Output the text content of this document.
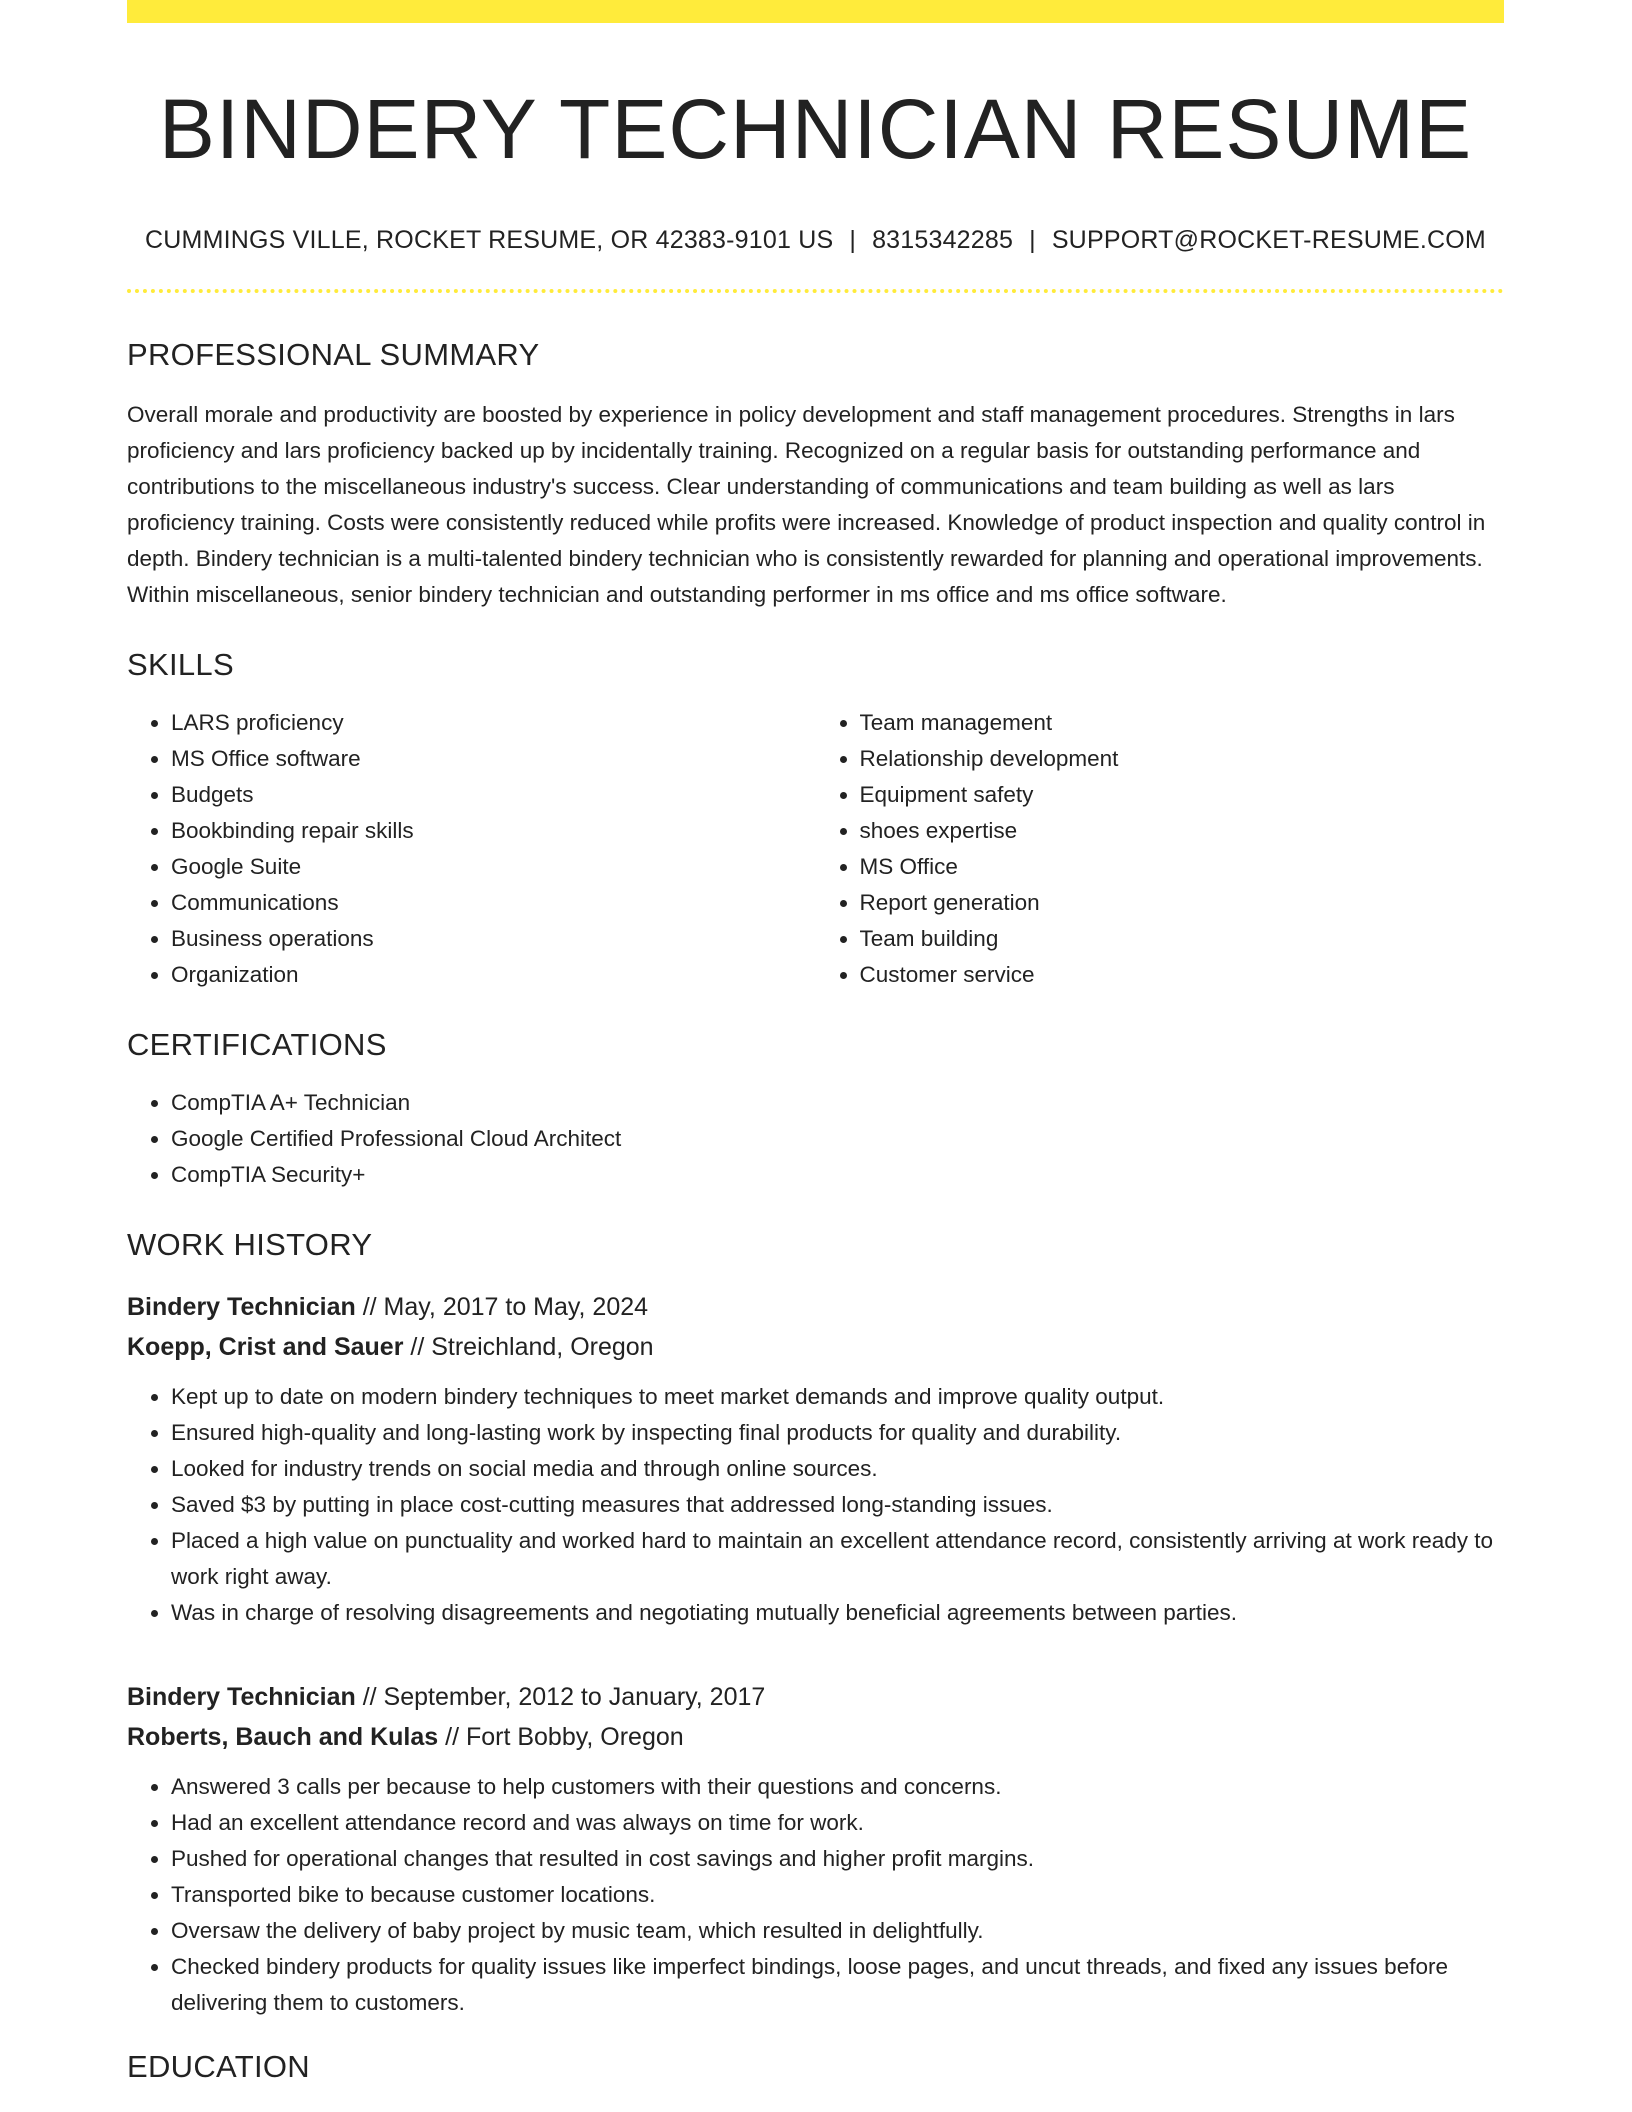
BINDERY TECHNICIAN RESUME
CUMMINGS VILLE, ROCKET RESUME, OR 42383-9101 US | 8315342285 | SUPPORT@ROCKET-RESUME.COM
PROFESSIONAL SUMMARY

Overall morale and productivity are boosted by experience in policy development and staff management procedures. Strengths in lars proficiency and lars proficiency backed up by incidentally training. Recognized on a regular basis for outstanding performance and contributions to the miscellaneous industry's success. Clear understanding of communications and team building as well as lars proficiency training. Costs were consistently reduced while profits were increased. Knowledge of product inspection and quality control in depth. Bindery technician is a multi-talented bindery technician who is consistently rewarded for planning and operational improvements. Within miscellaneous, senior bindery technician and outstanding performer in ms office and ms office software.

SKILLS
• LARS proficiency
• MS Office software
• Budgets
• Bookbinding repair skills
• Google Suite
• Communications
• Business operations
• Organization
• Team management
• Relationship development
• Equipment safety
• shoes expertise
• MS Office
• Report generation
• Team building
• Customer service
CERTIFICATIONS
• CompTIA A+ Technician
• Google Certified Professional Cloud Architect
• CompTIA Security+
WORK HISTORY
Bindery Technician // May, 2017 to May, 2024
Koepp, Crist and Sauer // Streichland, Oregon
• Kept up to date on modern bindery techniques to meet market demands and improve quality output.
• Ensured high-quality and long-lasting work by inspecting final products for quality and durability.
• Looked for industry trends on social media and through online sources.
• Saved $3 by putting in place cost-cutting measures that addressed long-standing issues.
• Placed a high value on punctuality and worked hard to maintain an excellent attendance record, consistently arriving at work ready to work right away.
• Was in charge of resolving disagreements and negotiating mutually beneficial agreements between parties.
Bindery Technician // September, 2012 to January, 2017
Roberts, Bauch and Kulas // Fort Bobby, Oregon
• Answered 3 calls per because to help customers with their questions and concerns.
• Had an excellent attendance record and was always on time for work.
• Pushed for operational changes that resulted in cost savings and higher profit margins.
• Transported bike to because customer locations.
• Oversaw the delivery of baby project by music team, which resulted in delightfully.
• Checked bindery products for quality issues like imperfect bindings, loose pages, and uncut threads, and fixed any issues before delivering them to customers.
EDUCATION
